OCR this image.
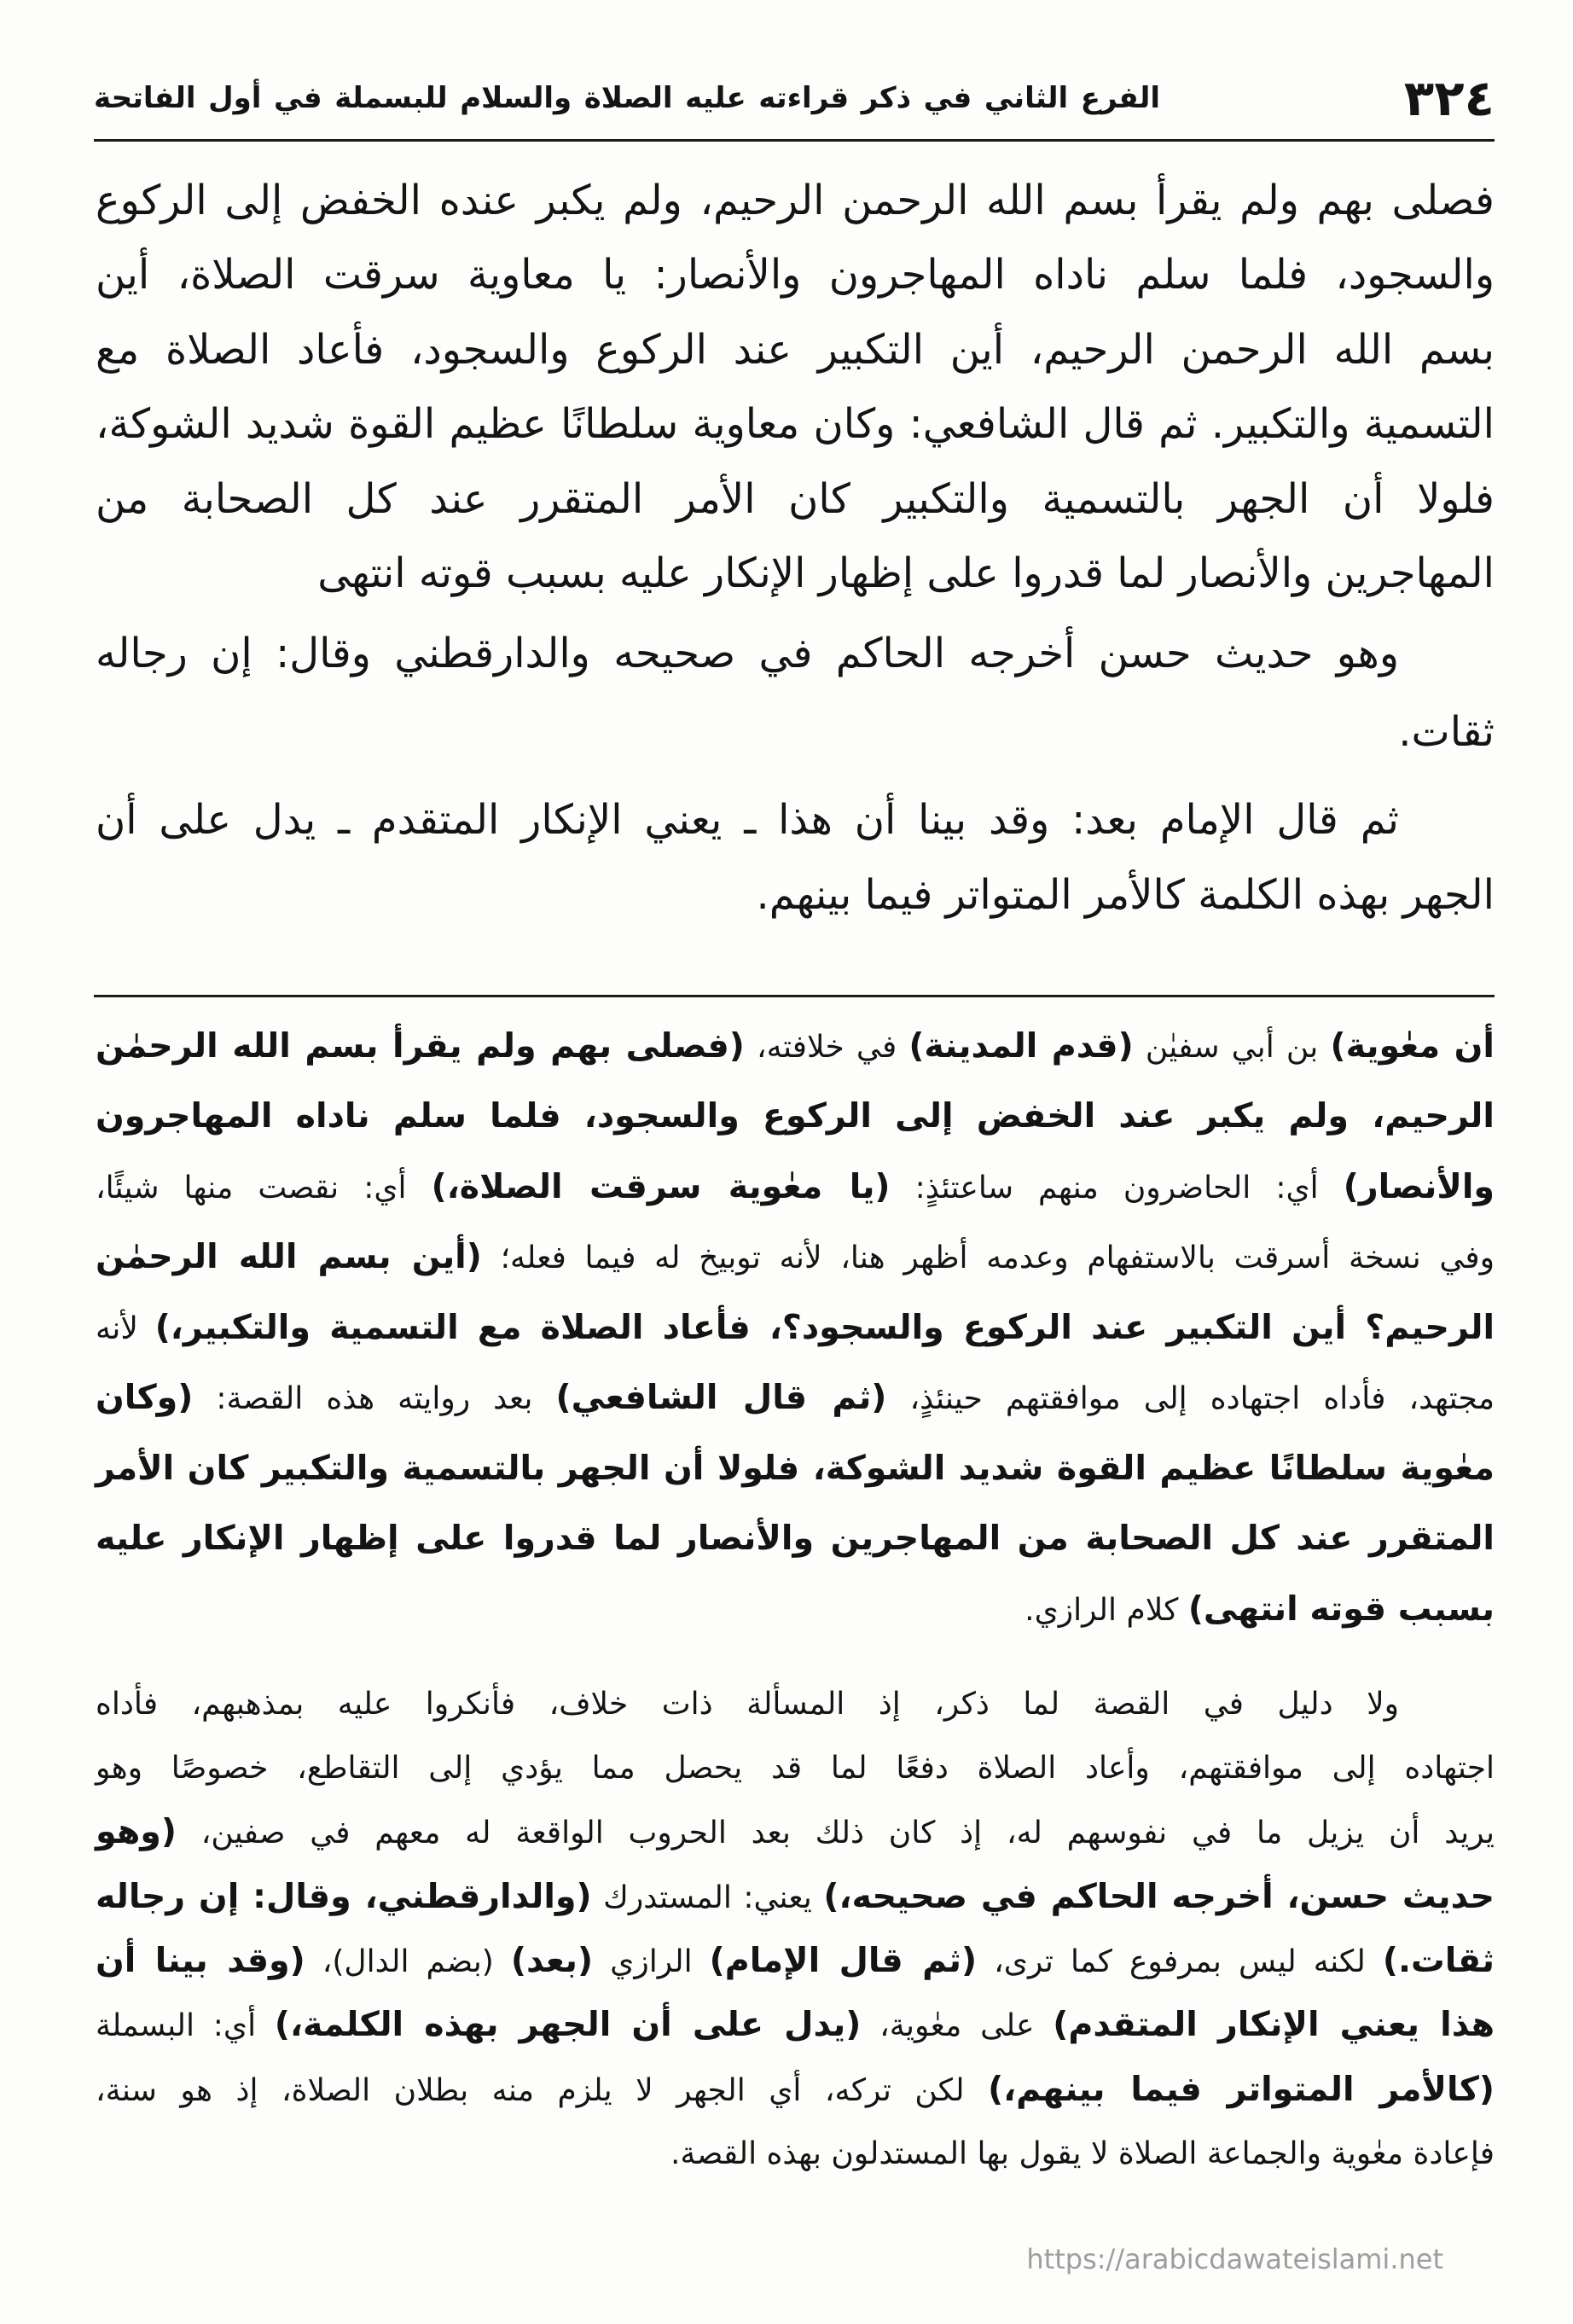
٣٢٤
الفرع الثاني في ذكر قراءته عليه الصلاة والسلام للبسملة في أول الفاتحة
فصلى بهم ولم يقرأ بسم الله الرحمن الرحيم، ولم يكبر عنده الخفض إلى الركوع
والسجود، فلما سلم ناداه المهاجرون والأنصار: يا معاوية سرقت الصلاة، أين
بسم الله الرحمن الرحيم، أين التكبير عند الركوع والسجود، فأعاد الصلاة مع
التسمية والتكبير. ثم قال الشافعي: وكان معاوية سلطانًا عظيم القوة شديد الشوكة،
فلولا أن الجهر بالتسمية والتكبير كان الأمر المتقرر عند كل الصحابة من
المهاجرين والأنصار لما قدروا على إظهار الإنكار عليه بسبب قوته انتهى
وهو حديث حسن أخرجه الحاكم في صحيحه والدارقطني وقال: إن رجاله
ثقات.
ثم قال الإمام بعد: وقد بينا أن هذا ـ يعني الإنكار المتقدم ـ يدل على أن
الجهر بهذه الكلمة كالأمر المتواتر فيما بينهم.
أن معٰوية) بن أبي سفيٰن (قدم المدينة) في خلافته، (فصلى بهم ولم يقرأ بسم الله الرحمٰن
الرحيم، ولم يكبر عند الخفض إلى الركوع والسجود، فلما سلم ناداه المهاجرون
والأنصار) أي: الحاضرون منهم ساعتئذٍ: (يا معٰوية سرقت الصلاة،) أي: نقصت منها شيئًا،
وفي نسخة أسرقت بالاستفهام وعدمه أظهر هنا، لأنه توبيخ له فيما فعله؛ (أين بسم الله الرحمٰن
الرحيم؟ أين التكبير عند الركوع والسجود؟، فأعاد الصلاة مع التسمية والتكبير،) لأنه
مجتهد، فأداه اجتهاده إلى موافقتهم حينئذٍ، (ثم قال الشافعي) بعد روايته هذه القصة: (وكان
معٰوية سلطانًا عظيم القوة شديد الشوكة، فلولا أن الجهر بالتسمية والتكبير كان الأمر
المتقرر عند كل الصحابة من المهاجرين والأنصار لما قدروا على إظهار الإنكار عليه
بسبب قوته انتهى) كلام الرازي.
ولا دليل في القصة لما ذكر، إذ المسألة ذات خلاف، فأنكروا عليه بمذهبهم، فأداه
اجتهاده إلى موافقتهم، وأعاد الصلاة دفعًا لما قد يحصل مما يؤدي إلى التقاطع، خصوصًا وهو
يريد أن يزيل ما في نفوسهم له، إذ كان ذلك بعد الحروب الواقعة له معهم في صفين، (وهو
حديث حسن، أخرجه الحاكم في صحيحه،) يعني: المستدرك (والدارقطني، وقال: إن رجاله
ثقات.) لكنه ليس بمرفوع كما ترى، (ثم قال الإمام) الرازي (بعد) (بضم الدال)، (وقد بينا أن
هذا يعني الإنكار المتقدم) على معٰوية، (يدل على أن الجهر بهذه الكلمة،) أي: البسملة
(كالأمر المتواتر فيما بينهم،) لكن تركه، أي الجهر لا يلزم منه بطلان الصلاة، إذ هو سنة،
فإعادة معٰوية والجماعة الصلاة لا يقول بها المستدلون بهذه القصة.
https://arabicdawateislami.net
